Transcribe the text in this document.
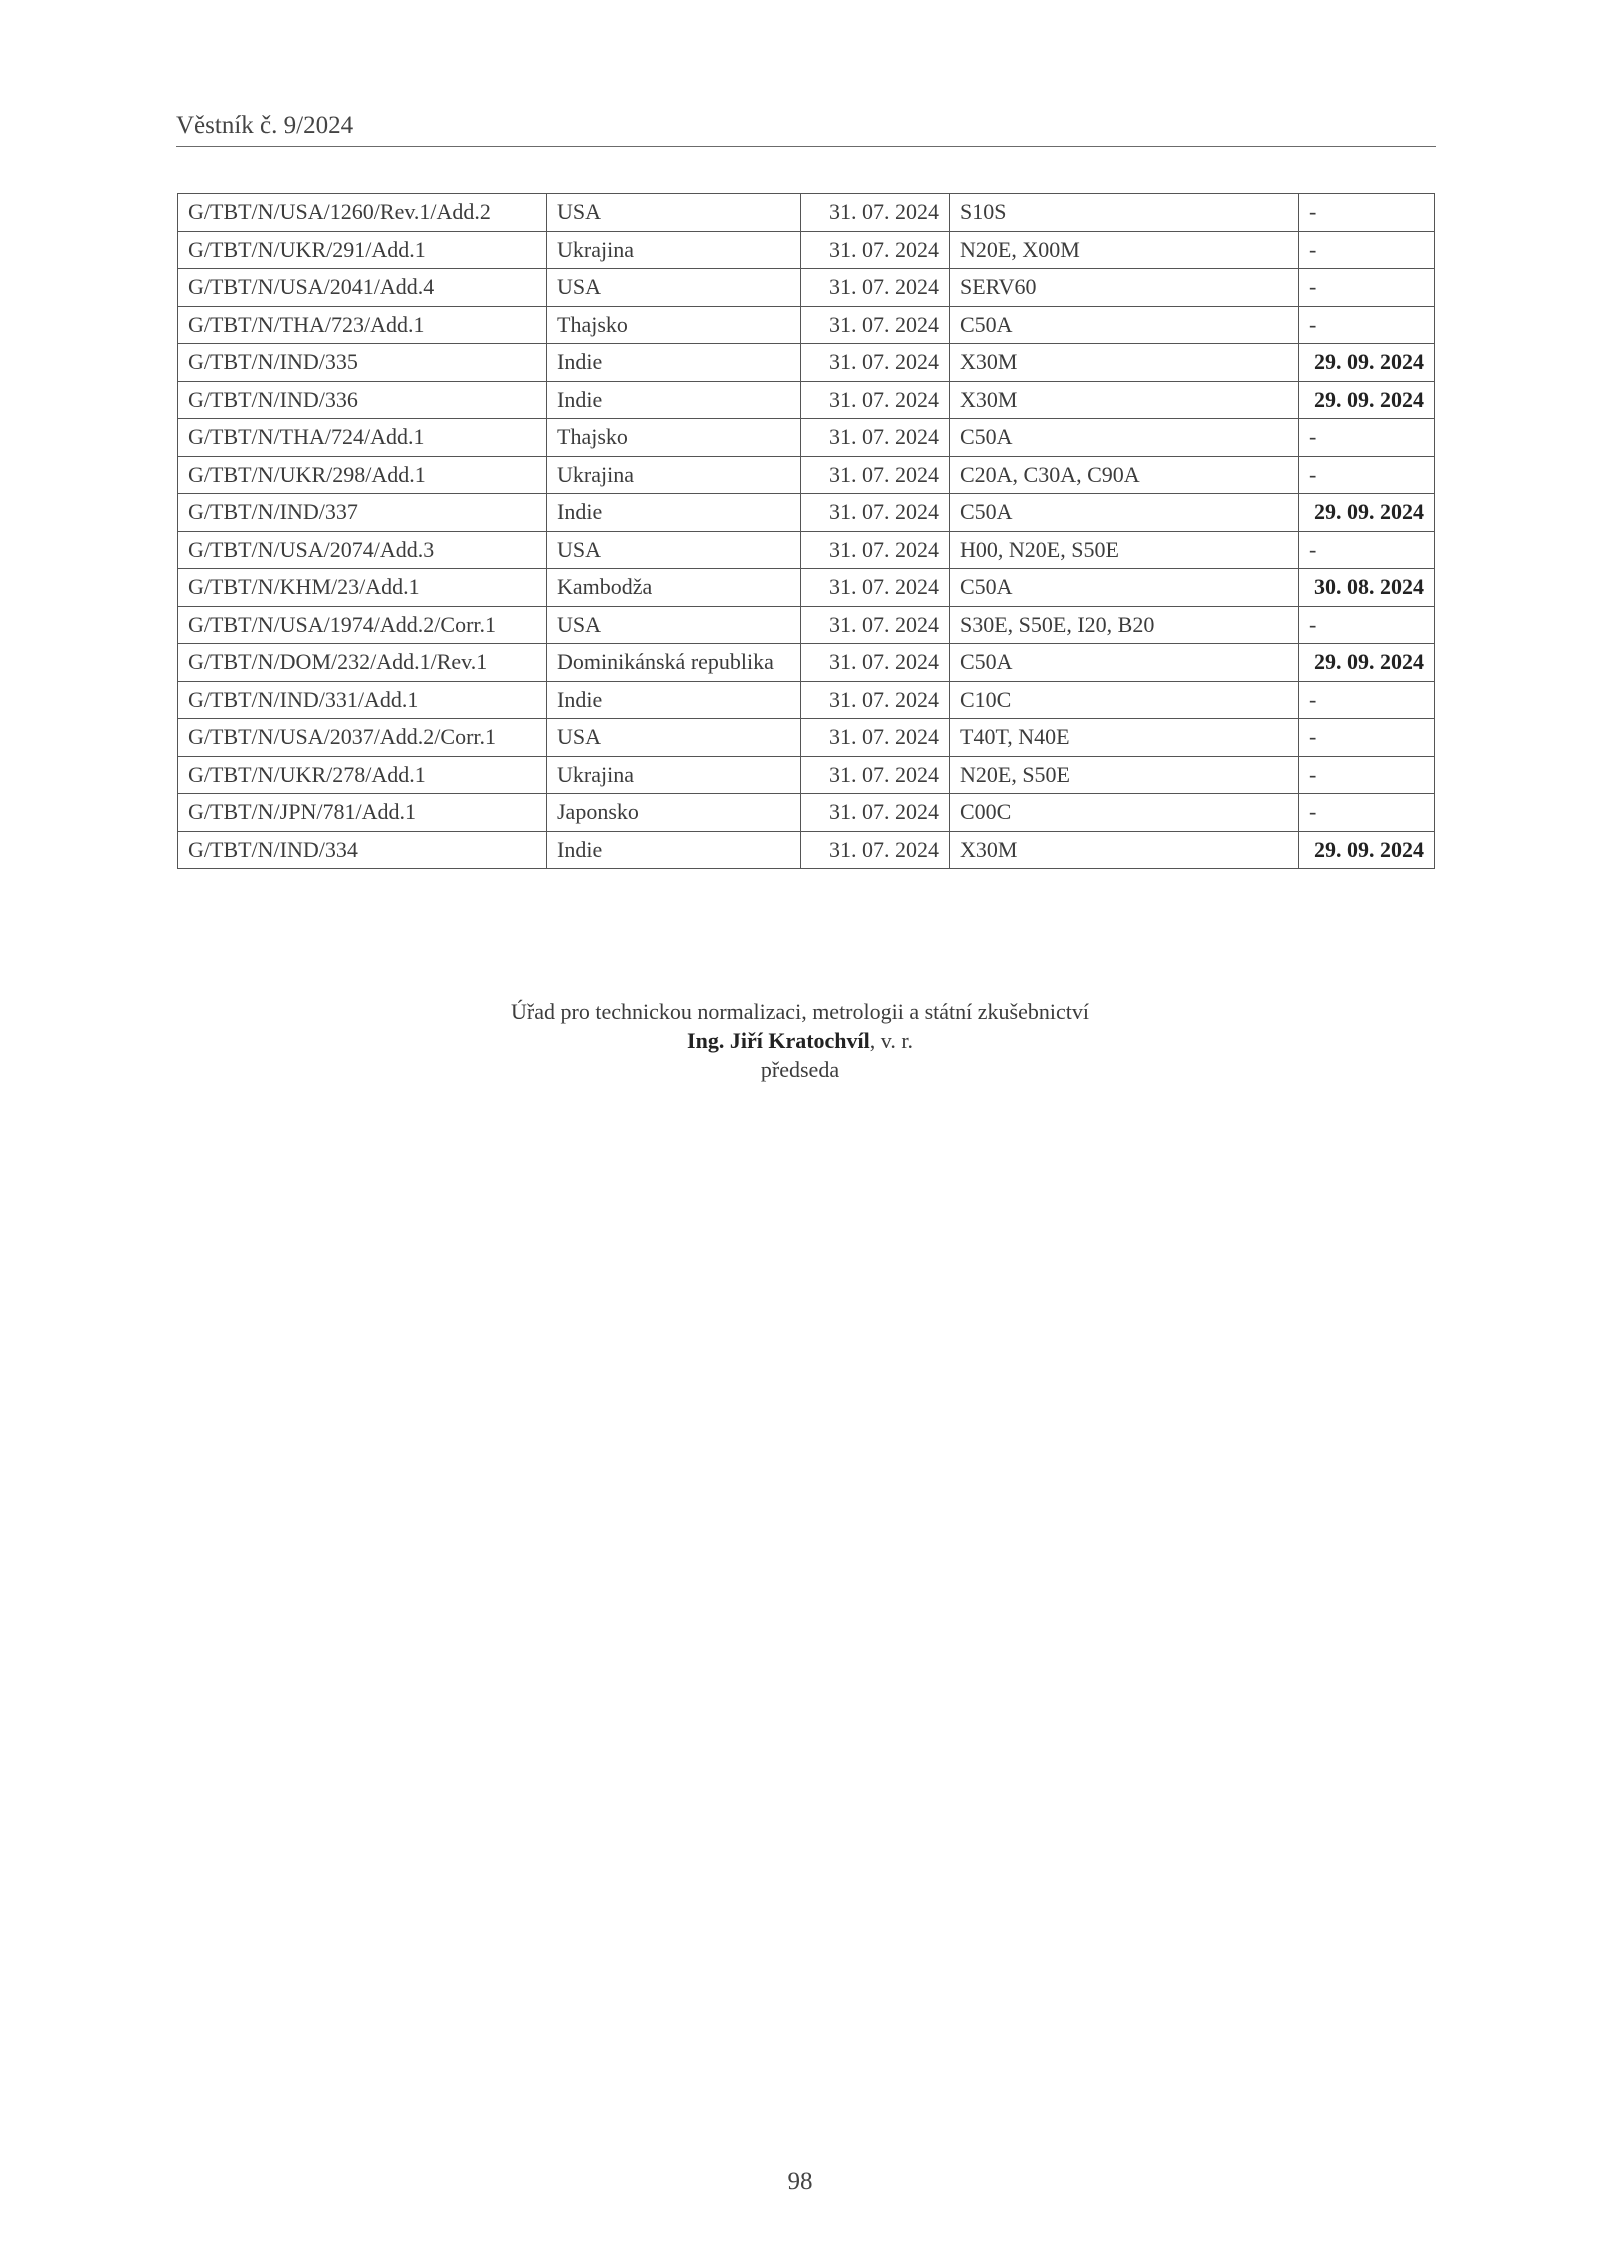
Věstník č. 9/2024
G/TBT/N/USA/1260/Rev.1/Add.2	USA	31. 07. 2024	S10S	-
G/TBT/N/UKR/291/Add.1	Ukrajina	31. 07. 2024	N20E, X00M	-
G/TBT/N/USA/2041/Add.4	USA	31. 07. 2024	SERV60	-
G/TBT/N/THA/723/Add.1	Thajsko	31. 07. 2024	C50A	-
G/TBT/N/IND/335	Indie	31. 07. 2024	X30M	29. 09. 2024
G/TBT/N/IND/336	Indie	31. 07. 2024	X30M	29. 09. 2024
G/TBT/N/THA/724/Add.1	Thajsko	31. 07. 2024	C50A	-
G/TBT/N/UKR/298/Add.1	Ukrajina	31. 07. 2024	C20A, C30A, C90A	-
G/TBT/N/IND/337	Indie	31. 07. 2024	C50A	29. 09. 2024
G/TBT/N/USA/2074/Add.3	USA	31. 07. 2024	H00, N20E, S50E	-
G/TBT/N/KHM/23/Add.1	Kambodža	31. 07. 2024	C50A	30. 08. 2024
G/TBT/N/USA/1974/Add.2/Corr.1	USA	31. 07. 2024	S30E, S50E, I20, B20	-
G/TBT/N/DOM/232/Add.1/Rev.1	Dominikánská republika	31. 07. 2024	C50A	29. 09. 2024
G/TBT/N/IND/331/Add.1	Indie	31. 07. 2024	C10C	-
G/TBT/N/USA/2037/Add.2/Corr.1	USA	31. 07. 2024	T40T, N40E	-
G/TBT/N/UKR/278/Add.1	Ukrajina	31. 07. 2024	N20E, S50E	-
G/TBT/N/JPN/781/Add.1	Japonsko	31. 07. 2024	C00C	-
G/TBT/N/IND/334	Indie	31. 07. 2024	X30M	29. 09. 2024
Úřad pro technickou normalizaci, metrologii a státní zkušebnictví
Ing. Jiří Kratochvíl, v. r.
předseda
98
